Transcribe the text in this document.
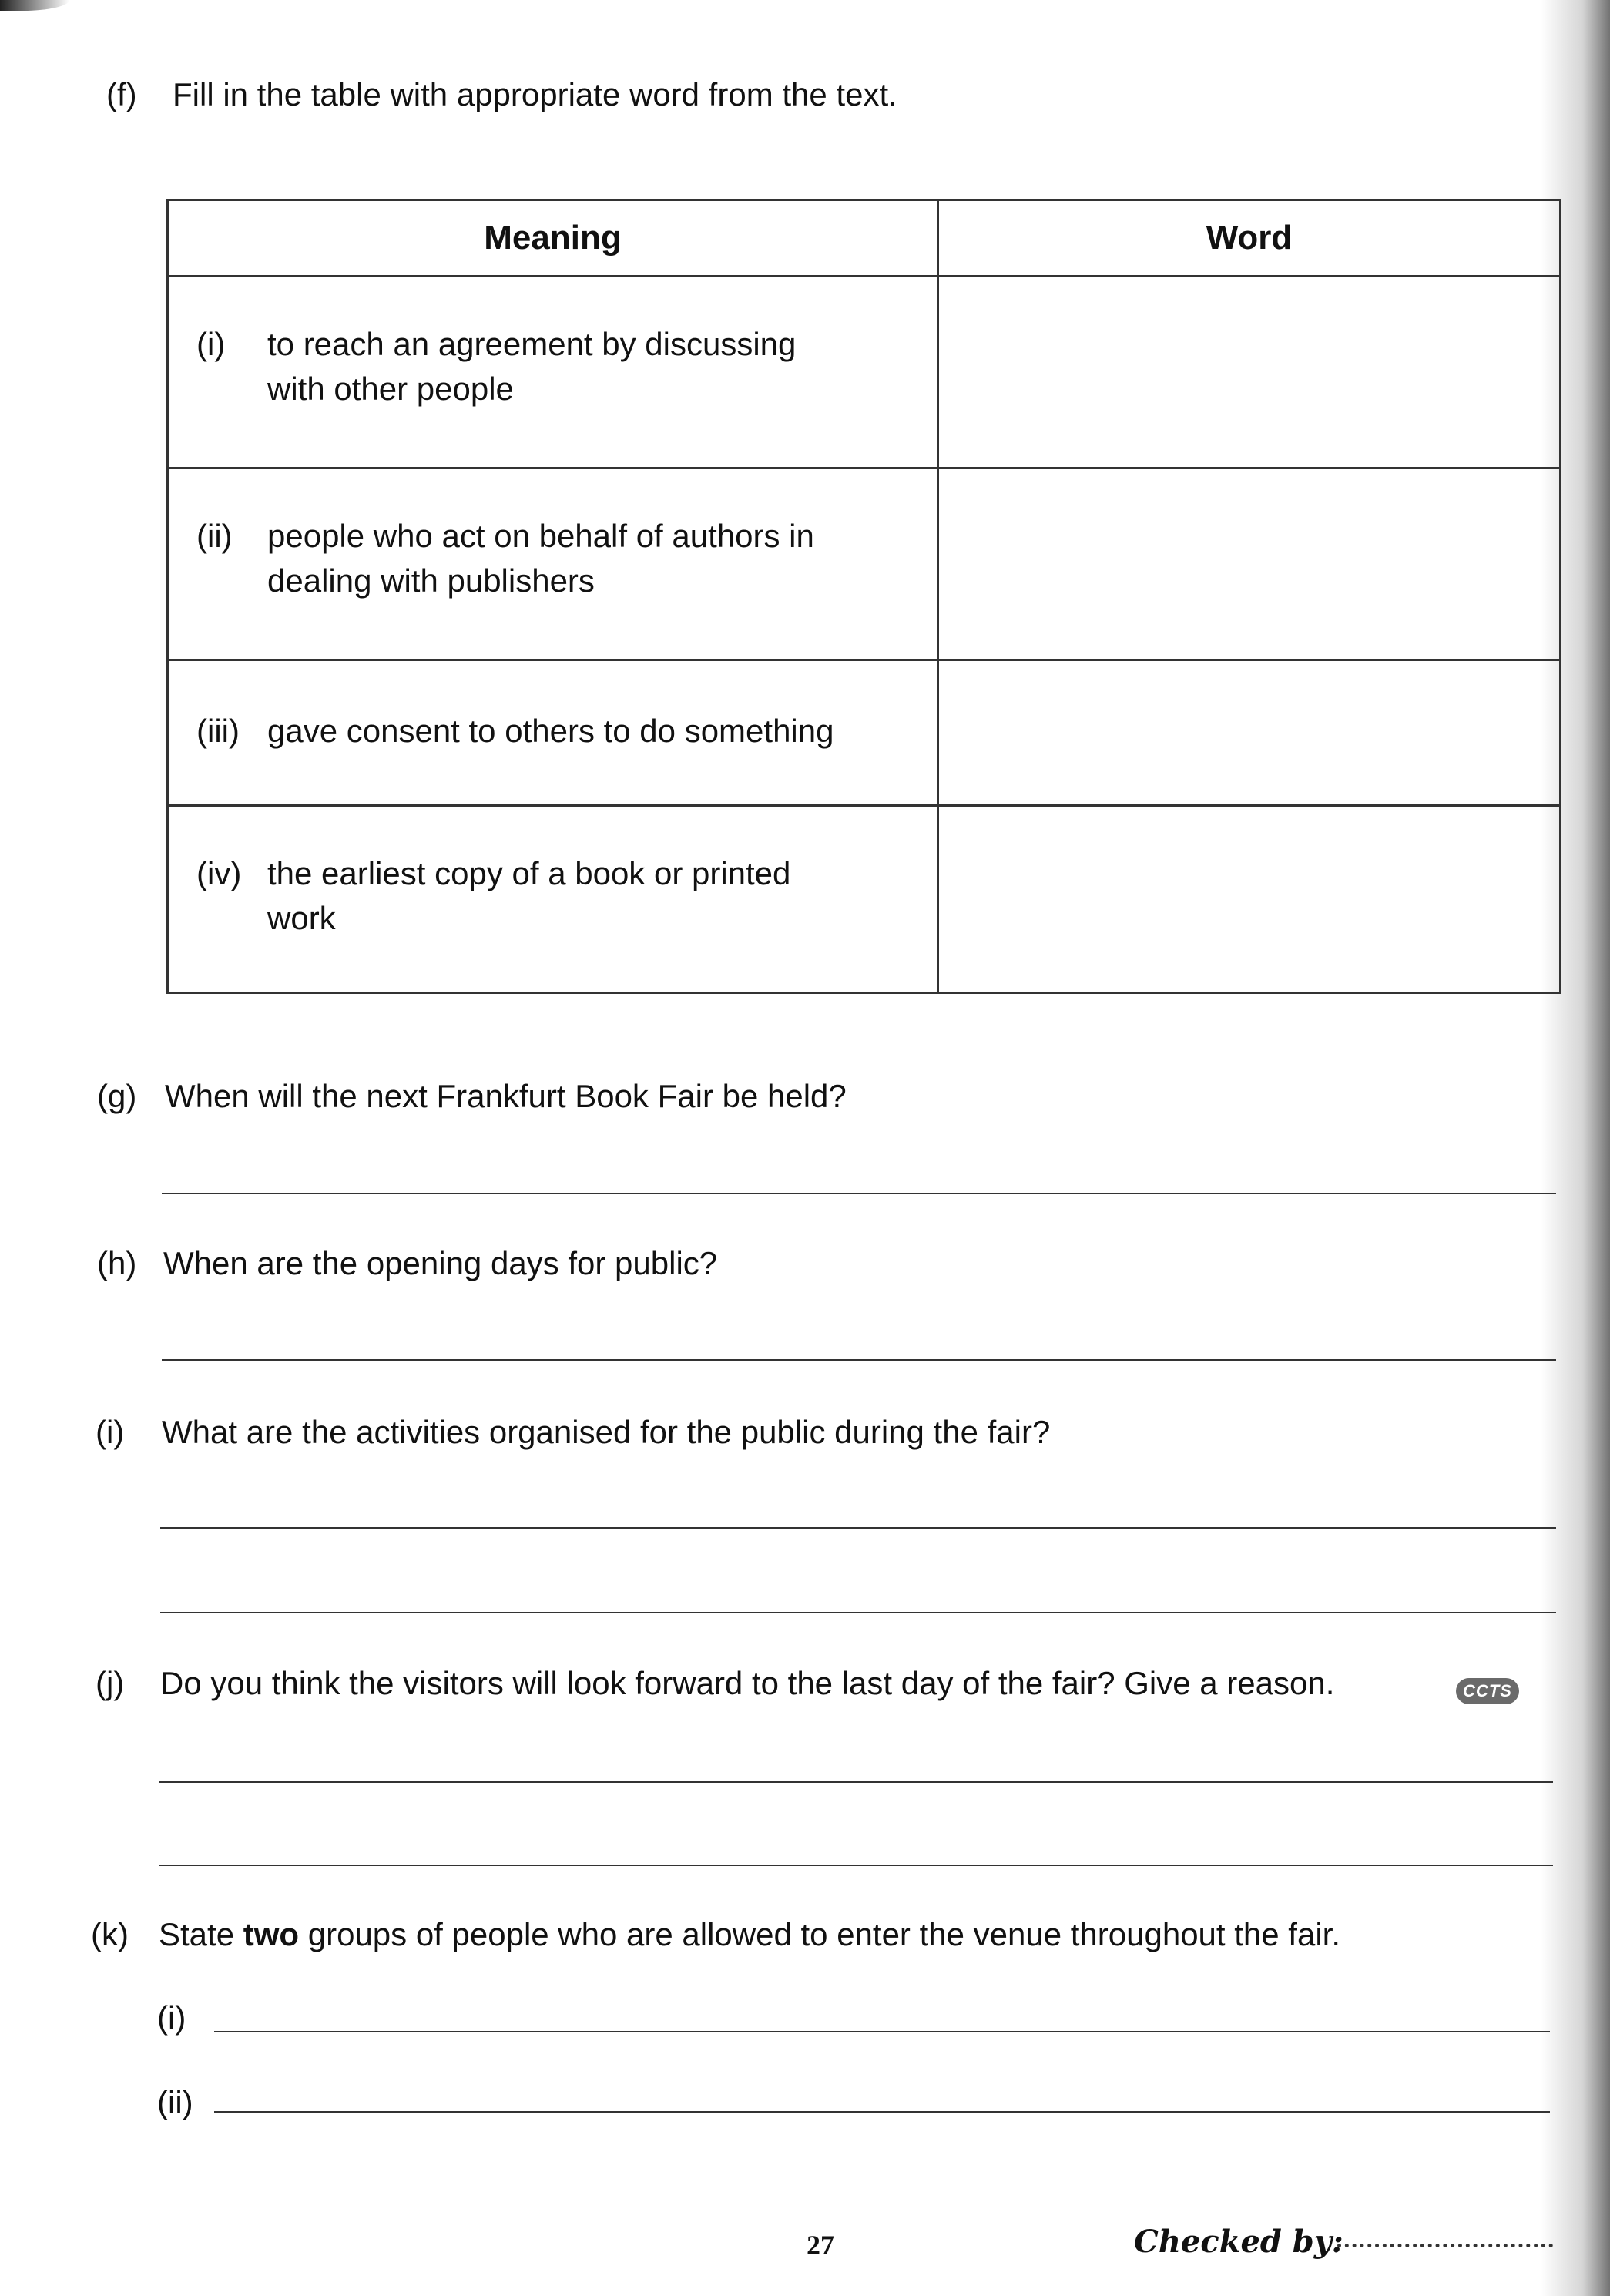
(f) Fill in the table with appropriate word from the text.
Meaning	Word

(i) to reach an agreement by discussing with other people	

(ii) people who act on behalf of authors in dealing with publishers	

(iii) gave consent to others to do something	

(iv) the earliest copy of a book or printed work	

(g) When will the next Frankfurt Book Fair be held?
(h) When are the opening days for public?
(i) What are the activities organised for the public during the fair?
(j) Do you think the visitors will look forward to the last day of the fair? Give a reason.	CCTS
(k) State two groups of people who are allowed to enter the venue throughout the fair.
(i)
(ii)
27	Checked by:
